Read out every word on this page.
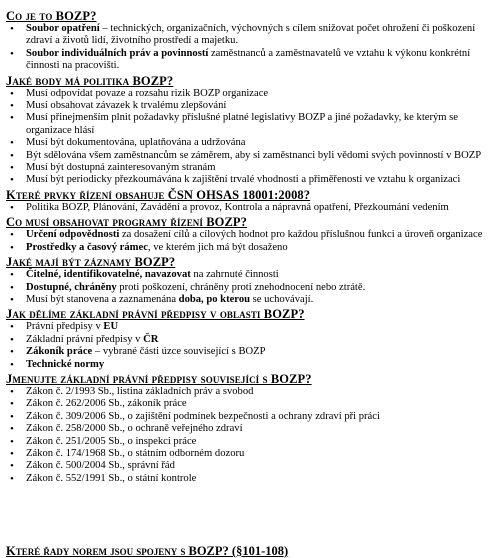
Co je to BOZP?
• Soubor opatření – technických, organizačních, výchovných s cílem snižovat počet ohrožení či poškození zdraví a životů lidí, životního prostředí a majetku.
• Soubor individuálních práv a povinností zaměstnanců a zaměstnavatelů ve vztahu k výkonu konkrétní činnosti na pracovišti.
Jaké body má politika BOZP?
• Musí odpovídat povaze a rozsahu rizik BOZP organizace
• Musí obsahovat závazek k trvalému zlepšování
• Musí přinejmenším plnit požadavky příslušné platné legislativy BOZP a jiné požadavky, ke kterým se organizace hlásí
• Musí být dokumentována, uplatňována a udržována
• Být sdělována všem zaměstnancům se záměrem, aby si zaměstnanci byli vědomi svých povinností v BOZP
• Musí být dostupná zainteresovaným stranám
• Musí být periodicky přezkoumávána k zajištění trvalé vhodnosti a přiměřenosti ve vztahu k organizaci
Které prvky řízení obsahuje ČSN OHSAS 18001:2008?
• Politika BOZP, Plánování, Zavádění a provoz, Kontrola a nápravná opatření, Přezkoumání vedením
Co musí obsahovat programy řízení BOZP?
• Určení odpovědnosti za dosažení cílů a cílových hodnot pro každou příslušnou funkci a úroveň organizace
• Prostředky a časový rámec, ve kterém jich má být dosaženo
Jaké mají být záznamy BOZP?
• Čitelné, identifikovatelné, navazovat na zahrnuté činnosti
• Dostupné, chráněny proti poškození, chráněny proti znehodnocení nebo ztrátě.
• Musí být stanovena a zaznamenána doba, po kterou se uchovávají.
Jak dělíme základní právní předpisy v oblasti BOZP?
• Právní předpisy v EU
• Základní právní předpisy v ČR
• Zákoník práce – vybrané části úzce související s BOZP
• Technické normy
Jmenujte základní právní předpisy související s BOZP?
• Zákon č. 2/1993 Sb., listina základních práv a svobod
• Zákon č. 262/2006 Sb., zákoník práce
• Zákon č. 309/2006 Sb., o zajištění podmínek bezpečnosti a ochrany zdraví při práci
• Zákon č. 258/2000 Sb., o ochraně veřejného zdraví
• Zákon č. 251/2005 Sb., o inspekci práce
• Zákon č. 174/1968 Sb., o státním odborném dozoru
• Zákon č. 500/2004 Sb., správní řád
• Zákon č. 552/1991 Sb., o státní kontrole
Které řady norem jsou spojeny s BOZP? (§101-108)
